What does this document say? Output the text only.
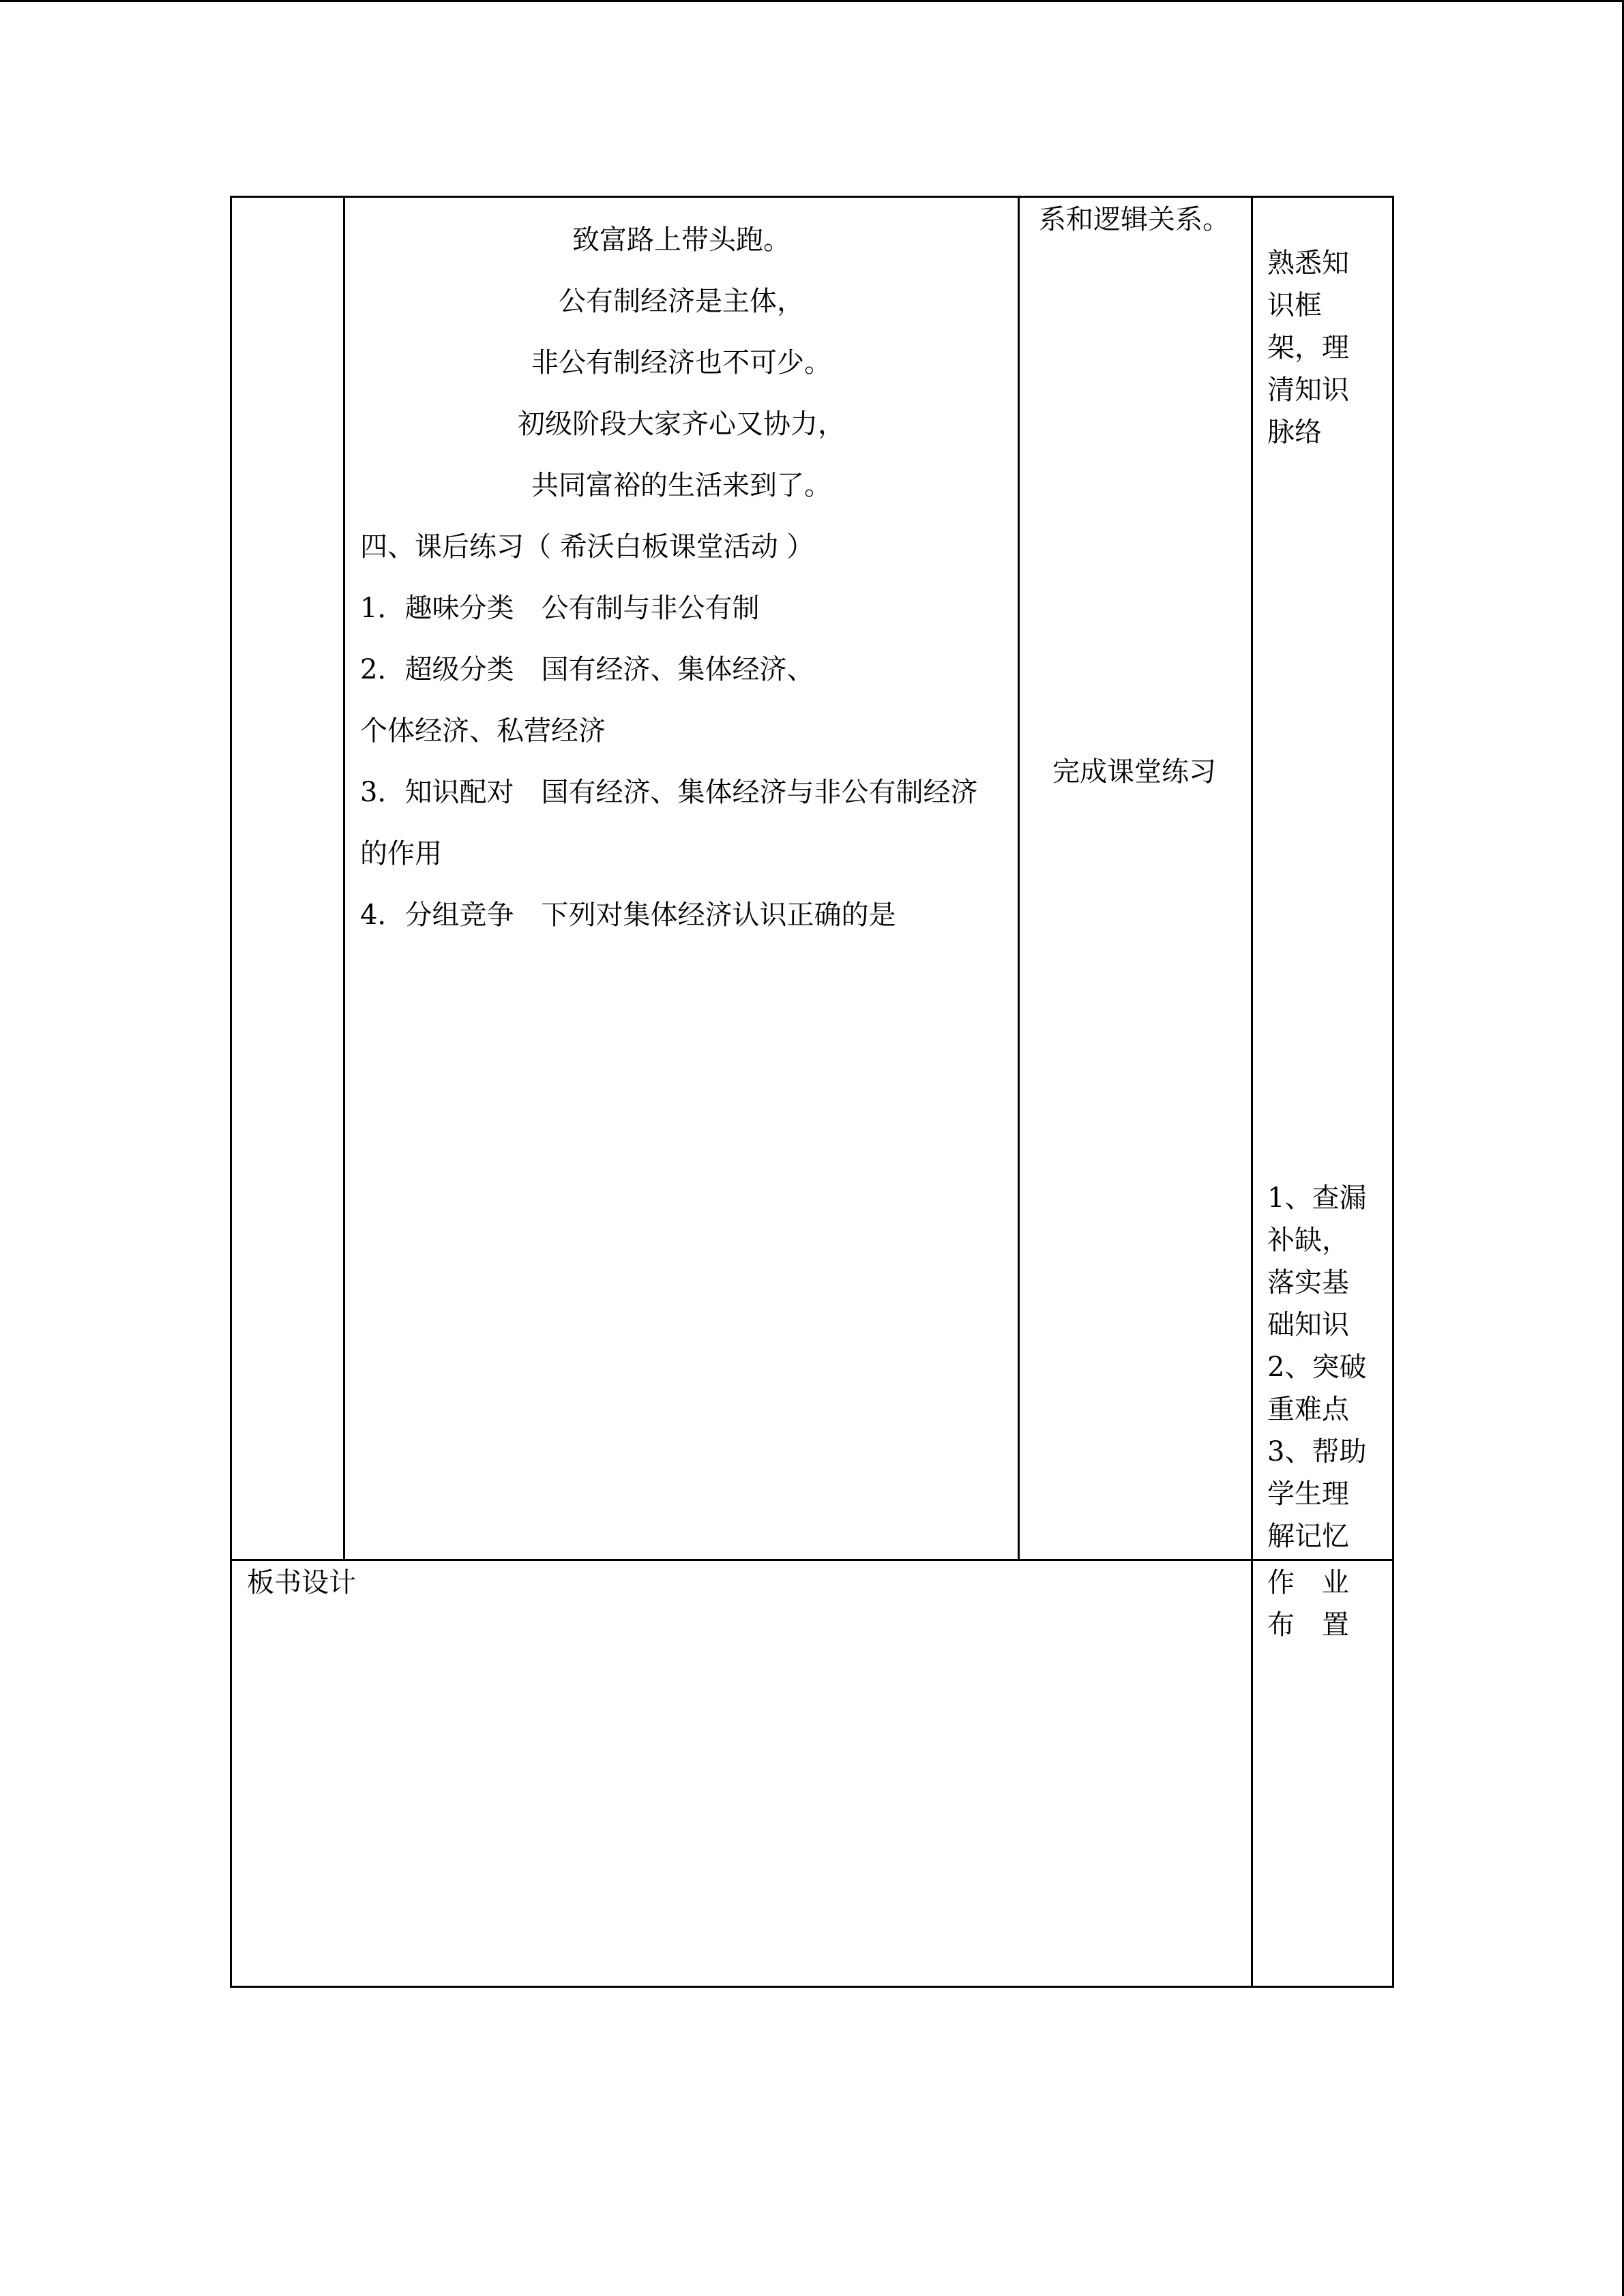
致富路上带头跑。
公有制经济是主体，
非公有制经济也不可少。
初级阶段大家齐心又协力，
共同富裕的生活来到了。
四、课后练习（ 希沃白板课堂活动 ）
1．趣味分类　公有制与非公有制
2．超级分类　国有经济、集体经济、
个体经济、私营经济
3．知识配对　国有经济、集体经济与非公有制经济
的作用
4．分组竞争　下列对集体经济认识正确的是
系和逻辑关系。
完成课堂练习
熟悉知
识框
架，理
清知识
脉络
1、查漏
补缺，
落实基
础知识
2、突破
重难点
3、帮助
学生理
解记忆
板书设计	作　业
布　置
